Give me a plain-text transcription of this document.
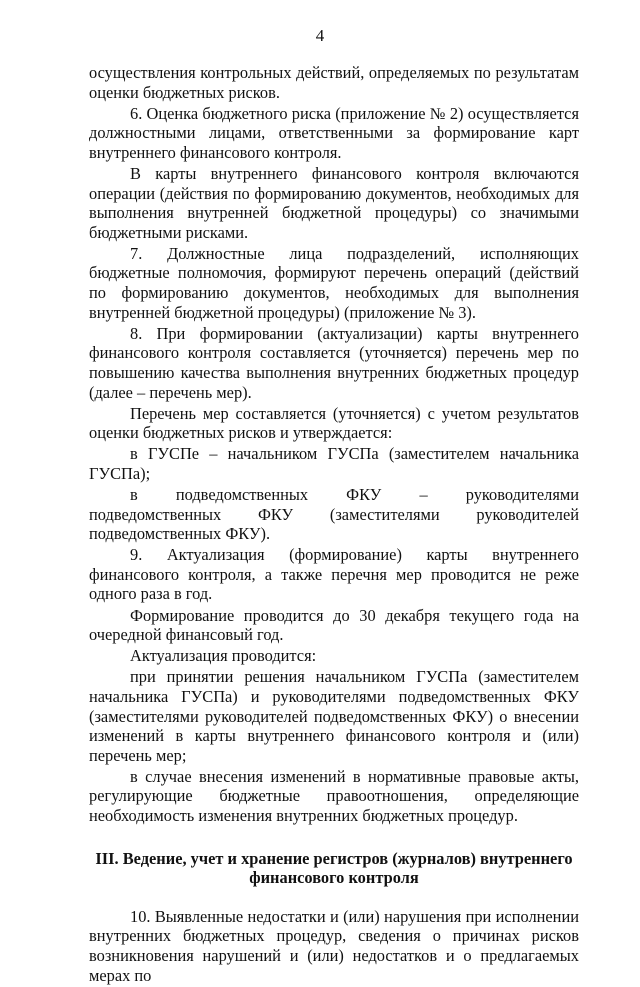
4

осуществления контрольных действий, определяемых по результатам оценки бюджетных рисков.

6. Оценка бюджетного риска (приложение № 2) осуществляется должностными лицами, ответственными за формирование карт внутреннего финансового контроля.

В карты внутреннего финансового контроля включаются операции (действия по формированию документов, необходимых для выполнения внутренней бюджетной процедуры) со значимыми бюджетными рисками.

7. Должностные лица подразделений, исполняющих бюджетные полномочия, формируют перечень операций (действий по формированию документов, необходимых для выполнения внутренней бюджетной процедуры) (приложение № 3).

8. При формировании (актуализации) карты внутреннего финансового контроля составляется (уточняется) перечень мер по повышению качества выполнения внутренних бюджетных процедур (далее – перечень мер).

Перечень мер составляется (уточняется) с учетом результатов оценки бюджетных рисков и утверждается:

в ГУСПе – начальником ГУСПа (заместителем начальника ГУСПа);

в подведомственных ФКУ – руководителями подведомственных ФКУ (заместителями руководителей подведомственных ФКУ).

9. Актуализация (формирование) карты внутреннего финансового контроля, а также перечня мер проводится не реже одного раза в год.

Формирование проводится до 30 декабря текущего года на очередной финансовый год.

Актуализация проводится:

при принятии решения начальником ГУСПа (заместителем начальника ГУСПа) и руководителями подведомственных ФКУ (заместителями руководителей подведомственных ФКУ) о внесении изменений в карты внутреннего финансового контроля и (или) перечень мер;

в случае внесения изменений в нормативные правовые акты, регулирующие бюджетные правоотношения, определяющие необходимость изменения внутренних бюджетных процедур.

III. Ведение, учет и хранение регистров (журналов) внутреннего
финансового контроля

10. Выявленные недостатки и (или) нарушения при исполнении внутренних бюджетных процедур, сведения о причинах рисков возникновения нарушений и (или) недостатков и о предлагаемых мерах по
